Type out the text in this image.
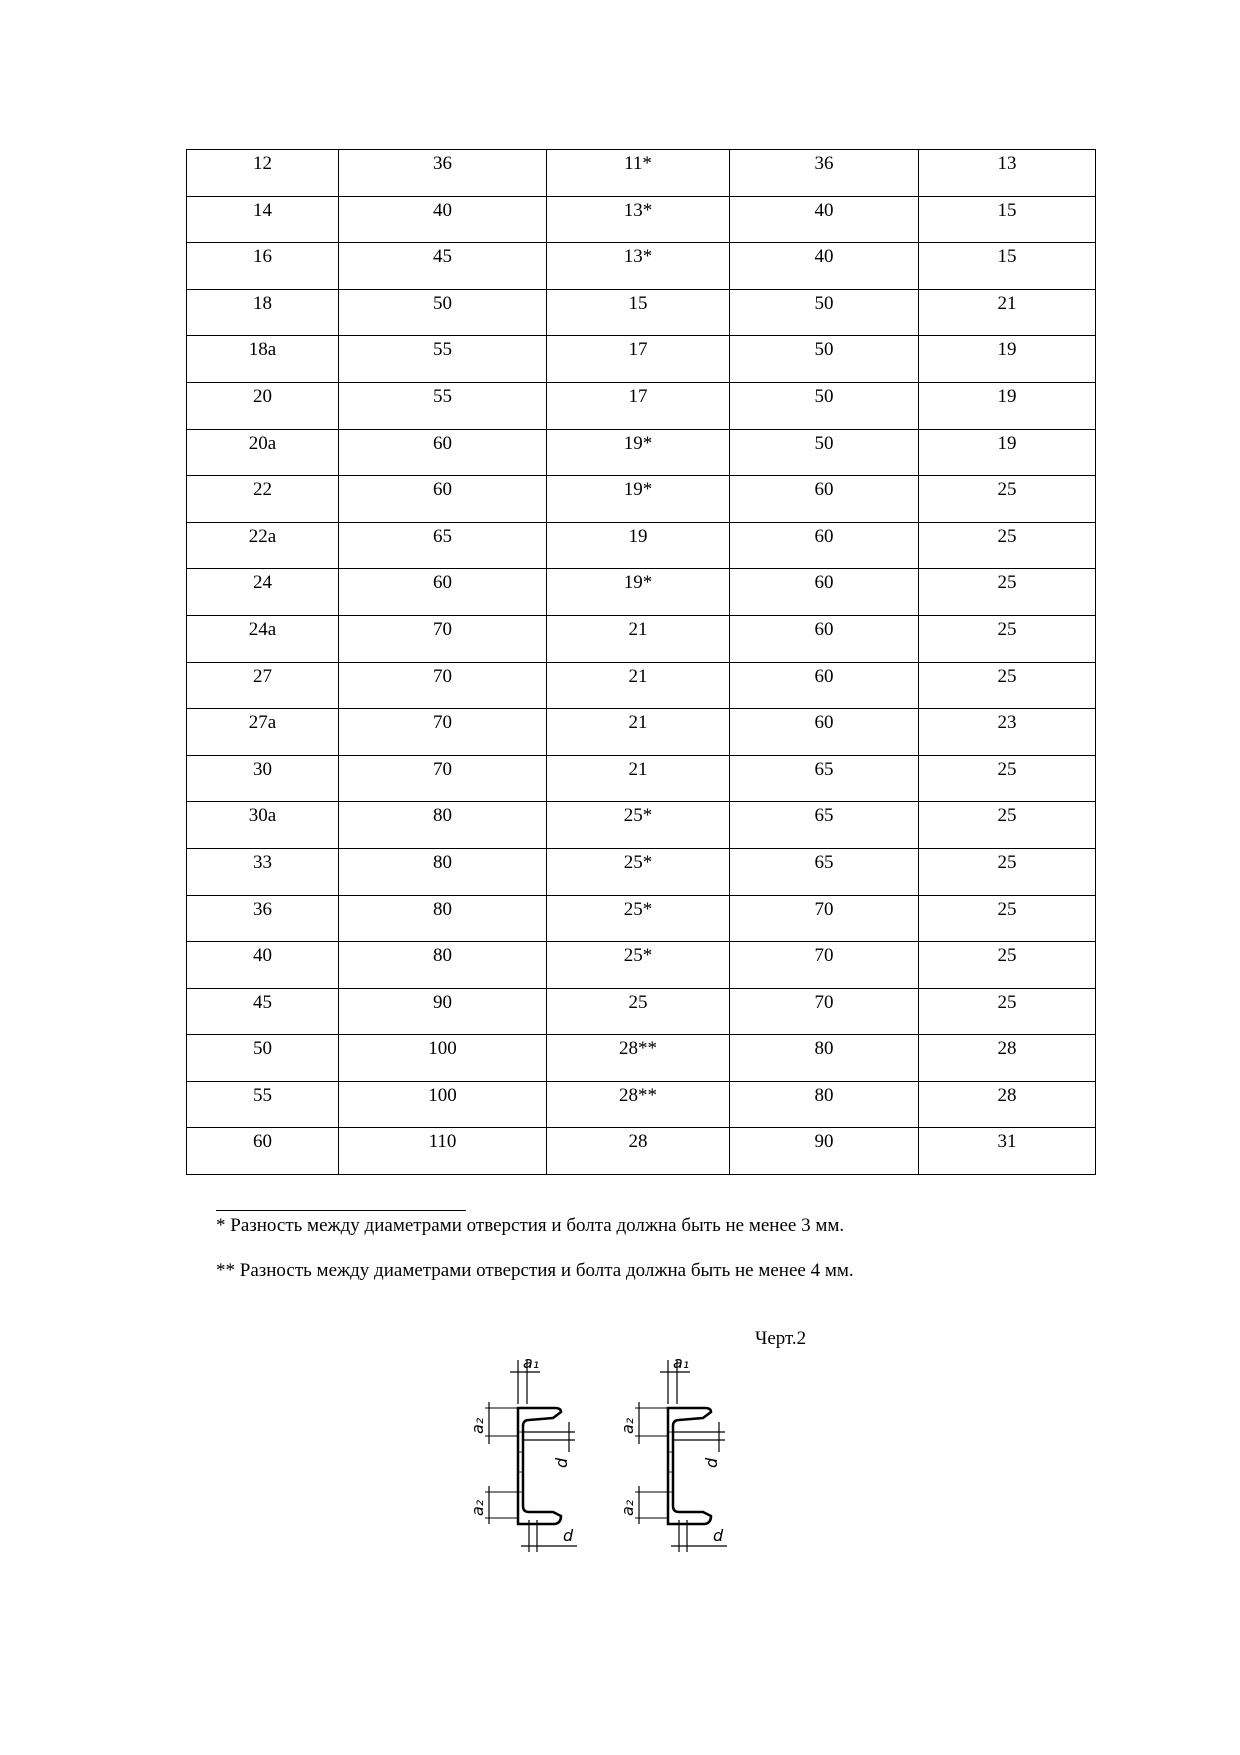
12	36	11*	36	13

14	40	13*	40	15

16	45	13*	40	15

18	50	15	50	21

18а	55	17	50	19

20	55	17	50	19

20а	60	19*	50	19

22	60	19*	60	25

22а	65	19	60	25

24	60	19*	60	25

24а	70	21	60	25

27	70	21	60	25

27а	70	21	60	23

30	70	21	65	25

30а	80	25*	65	25

33	80	25*	65	25

36	80	25*	70	25

40	80	25*	70	25

45	90	25	70	25

50	100	28**	80	28

55	100	28**	80	28

60	110	28	90	31
* Разность между диаметрами отверстия и болта должна быть не менее 3 мм.
** Разность между диаметрами отверстия и болта должна быть не менее 4 мм.
Черт.2
a₁	a₁
a₂
a₂
a₂
a₂
d	d
d	d
